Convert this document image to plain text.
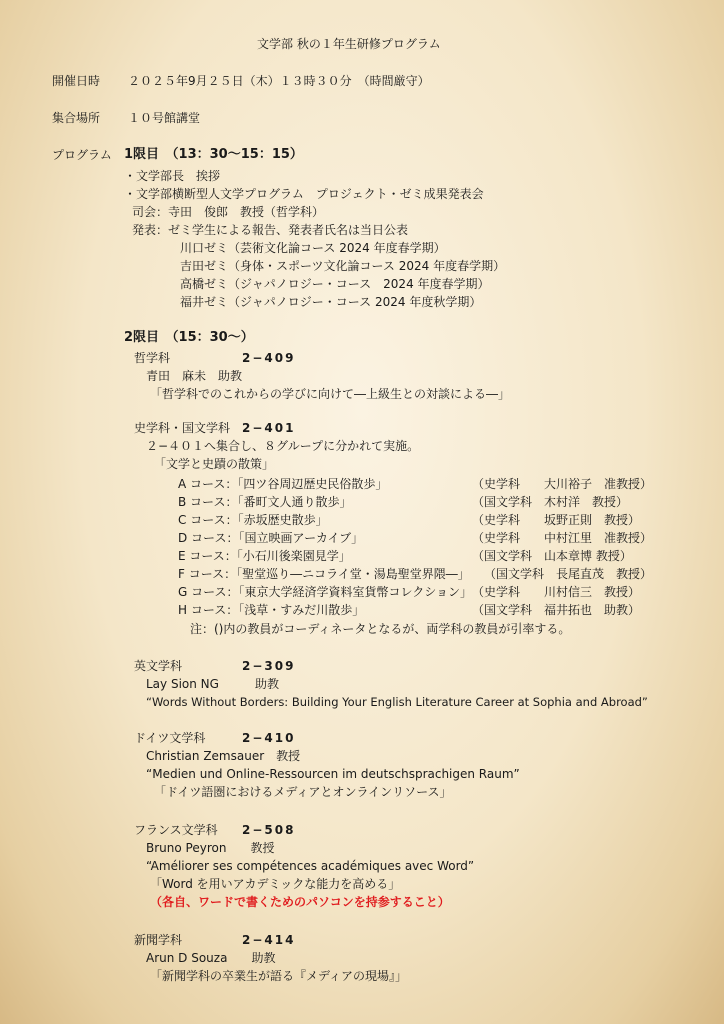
文学部 秋の１年生研修プログラム
開催日時 ２０２５年9月２５日（木）１３時３０分　（時間厳守）
集合場所 １０号館講堂
プログラム 1限目　（13：30〜15：15）
・文学部長　挨拶
・文学部横断型人文学プログラム　プロジェクト・ゼミ成果発表会
司会：寺田　俊郎　教授（哲学科）
発表：ゼミ学生による報告、発表者氏名は当日公表
川口ゼミ（芸術文化論コース 2024 年度春学期）
吉田ゼミ（身体・スポーツ文化論コース 2024 年度春学期）
高橋ゼミ（ジャパノロジー・コース　2024 年度春学期）
福井ゼミ（ジャパノロジー・コース 2024 年度秋学期）
2限目　（15：30〜）
哲学科	2−409
青田　麻未　助教
「哲学科でのこれからの学びに向けて―上級生との対談による―」
史学科・国文学科 2−401
２−４０１へ集合し、８グループに分かれて実施。
「文学と史蹟の散策」
A コース：「四ツ谷周辺歴史民俗散歩」	（史学科　　大川裕子　准教授）
B コース：「番町文人通り散歩」	（国文学科　木村洋　教授）
C コース：「赤坂歴史散歩」	（史学科　　坂野正則　教授）
D コース：「国立映画アーカイブ」	（史学科　　中村江里　准教授）
E コース：「小石川後楽園見学」	（国文学科　山本章博 教授）
F コース：「聖堂巡り―ニコライ堂・湯島聖堂界隈―」 （国文学科　長尾直茂　教授）
G コース：「東京大学経済学資料室貨幣コレクション」 （史学科　　川村信三　教授）
H コース：「浅草・すみだ川散歩」	（国文学科　福井拓也　助教）
注：()内の教員がコーディネータとなるが、両学科の教員が引率する。
英文学科	2−309
Lay Sion NG　　　助教
“Words Without Borders: Building Your English Literature Career at Sophia and Abroad”
ドイツ文学科	2−410
Christian Zemsauer　教授
“Medien und Online-Ressourcen im deutschsprachigen Raum”
「ドイツ語圏におけるメディアとオンラインリソース」
フランス文学科 2−508
Bruno Peyron　　教授
“Améliorer ses compétences académiques avec Word”
「Word を用いアカデミックな能力を高める」
（各自、ワードで書くためのパソコンを持参すること）
新聞学科	2−414
Arun D Souza　　助教
「新聞学科の卒業生が語る『メディアの現場』」
